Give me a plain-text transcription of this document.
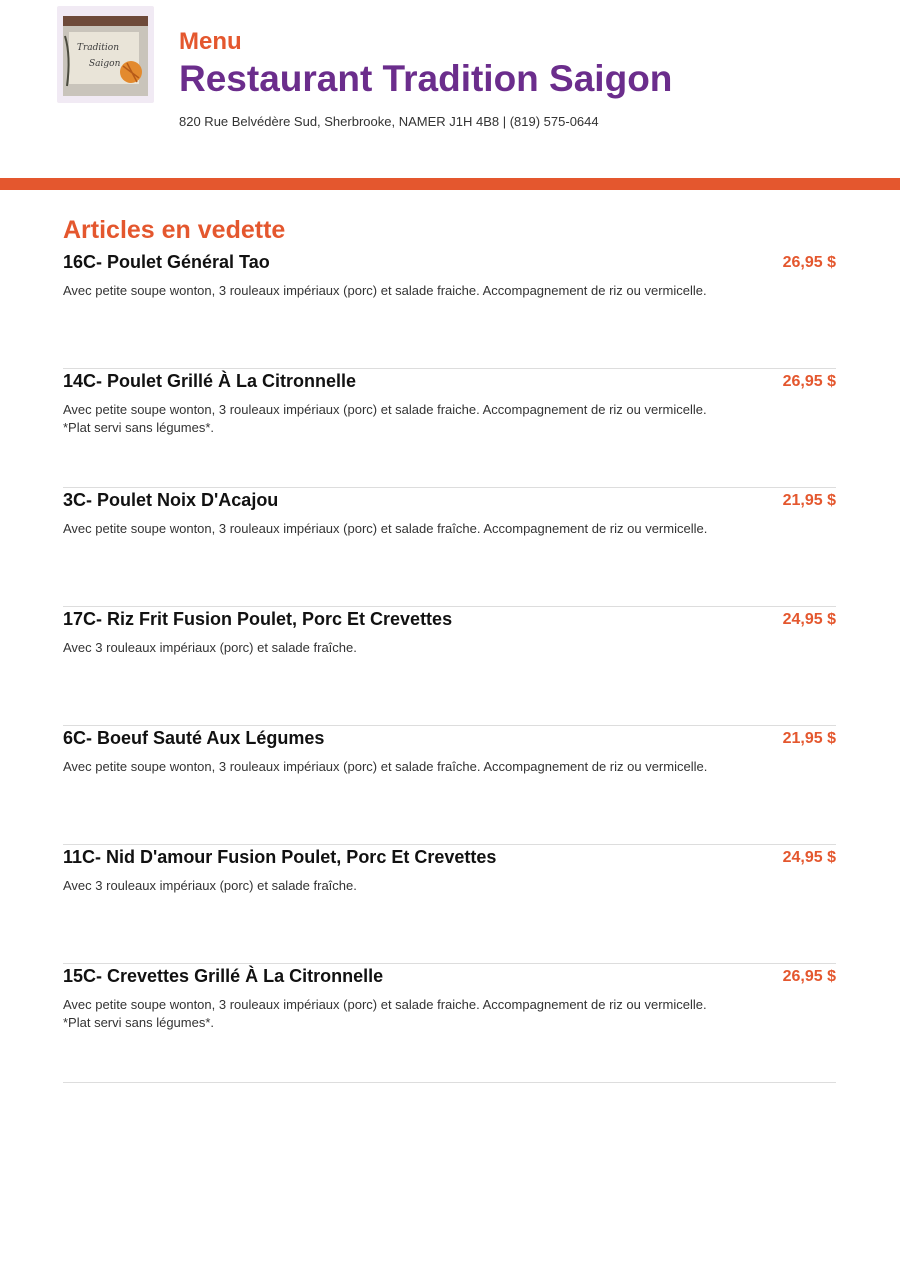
Tradition
Saigon
Menu
Restaurant Tradition Saigon
820 Rue Belvédère Sud, Sherbrooke, NAMER J1H 4B8 | (819) 575-0644
Articles en vedette
16C- Poulet Général Tao	26,95 $
Avec petite soupe wonton, 3 rouleaux impériaux (porc) et salade fraiche. Accompagnement de riz ou vermicelle.
14C- Poulet Grillé À La Citronnelle	26,95 $
Avec petite soupe wonton, 3 rouleaux impériaux (porc) et salade fraiche. Accompagnement de riz ou vermicelle. *Plat servi sans légumes*.
3C- Poulet Noix D'Acajou	21,95 $
Avec petite soupe wonton, 3 rouleaux impériaux (porc) et salade fraîche. Accompagnement de riz ou vermicelle.
17C- Riz Frit Fusion Poulet, Porc Et Crevettes	24,95 $
Avec 3 rouleaux impériaux (porc) et salade fraîche.
6C- Boeuf Sauté Aux Légumes	21,95 $
Avec petite soupe wonton, 3 rouleaux impériaux (porc) et salade fraîche. Accompagnement de riz ou vermicelle.
11C- Nid D'amour Fusion Poulet, Porc Et Crevettes	24,95 $
Avec 3 rouleaux impériaux (porc) et salade fraîche.
15C- Crevettes Grillé À La Citronnelle	26,95 $
Avec petite soupe wonton, 3 rouleaux impériaux (porc) et salade fraiche. Accompagnement de riz ou vermicelle. *Plat servi sans légumes*.
